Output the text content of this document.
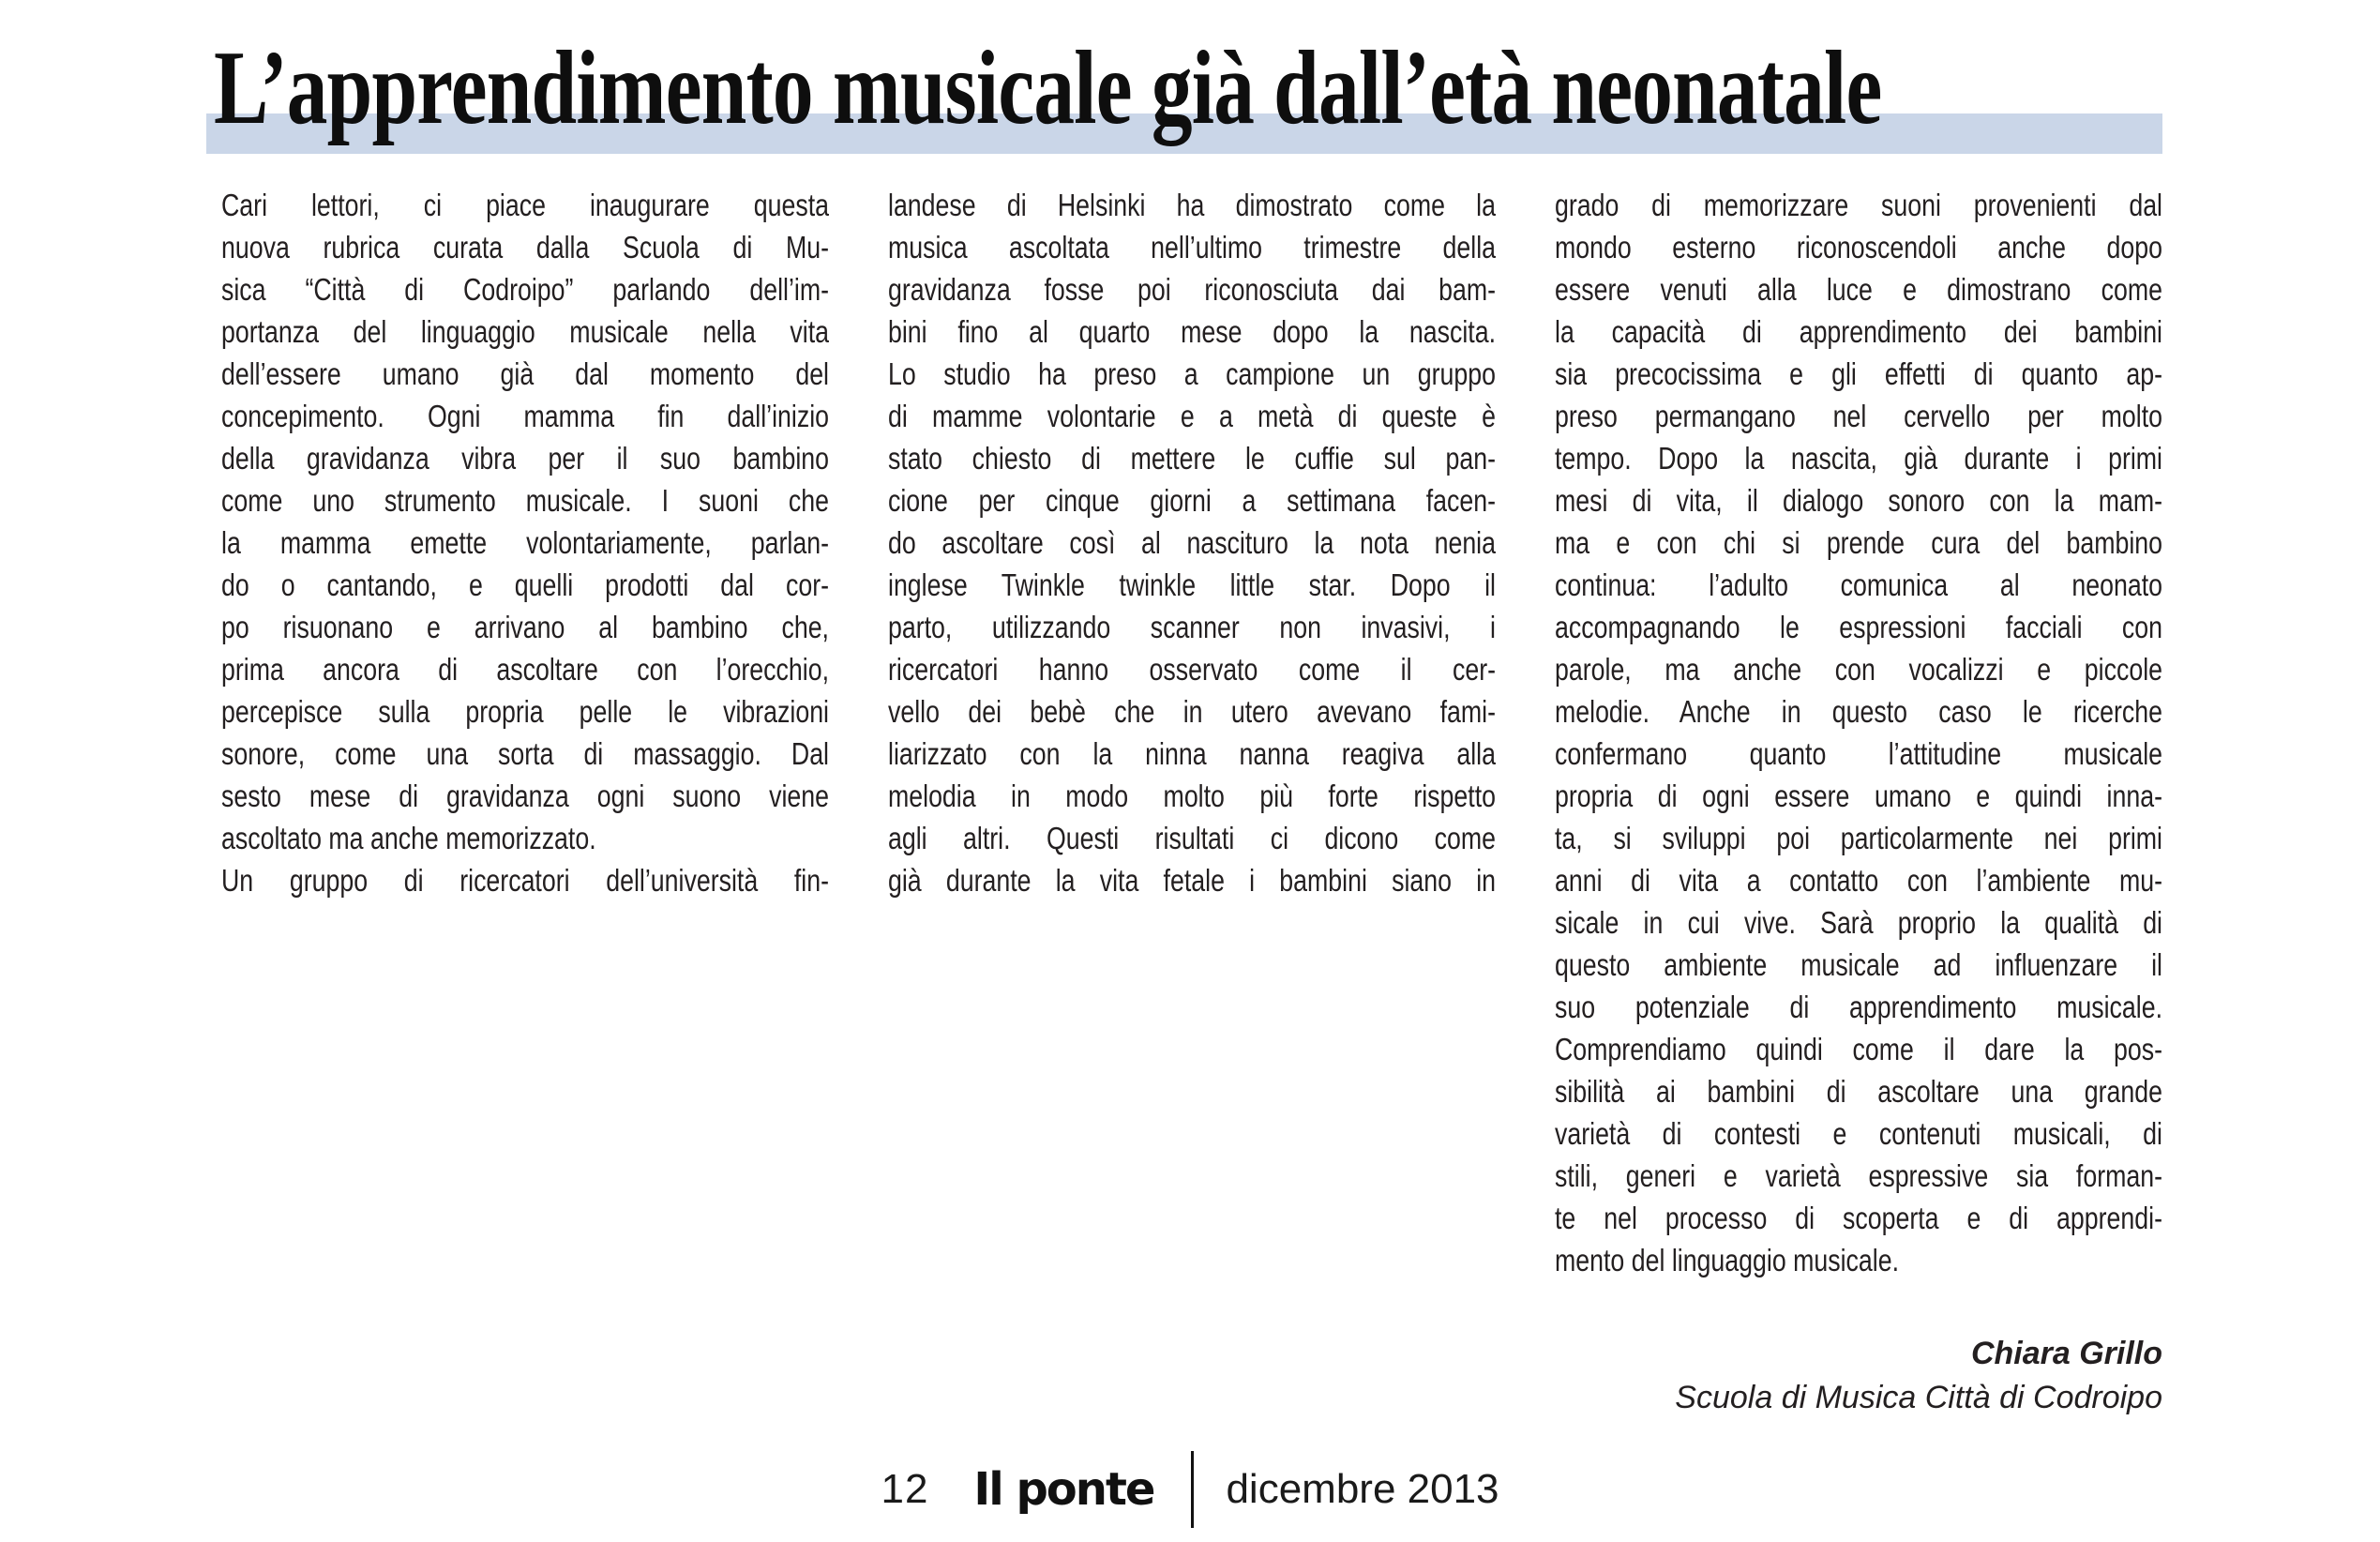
L’apprendimento musicale già dall’età neonatale
Cari lettori, ci piace inaugurare questa
nuova rubrica curata dalla Scuola di Mu-
sica “Città di Codroipo” parlando dell’im-
portanza del linguaggio musicale nella vita
dell’essere umano già dal momento del
concepimento. Ogni mamma fin dall’inizio
della gravidanza vibra per il suo bambino
come uno strumento musicale. I suoni che
la mamma emette volontariamente, parlan-
do o cantando, e quelli prodotti dal cor-
po risuonano e arrivano al bambino che,
prima ancora di ascoltare con l’orecchio,
percepisce sulla propria pelle le vibrazioni
sonore, come una sorta di massaggio. Dal
sesto mese di gravidanza ogni suono viene
ascoltato ma anche memorizzato.
Un gruppo di ricercatori dell’università fin-
landese di Helsinki ha dimostrato come la
musica ascoltata nell’ultimo trimestre della
gravidanza fosse poi riconosciuta dai bam-
bini fino al quarto mese dopo la nascita.
Lo studio ha preso a campione un gruppo
di mamme volontarie e a metà di queste è
stato chiesto di mettere le cuffie sul pan-
cione per cinque giorni a settimana facen-
do ascoltare così al nascituro la nota nenia
inglese Twinkle twinkle little star. Dopo il
parto, utilizzando scanner non invasivi, i
ricercatori hanno osservato come il cer-
vello dei bebè che in utero avevano fami-
liarizzato con la ninna nanna reagiva alla
melodia in modo molto più forte rispetto
agli altri. Questi risultati ci dicono come
già durante la vita fetale i bambini siano in
grado di memorizzare suoni provenienti dal
mondo esterno riconoscendoli anche dopo
essere venuti alla luce e dimostrano come
la capacità di apprendimento dei bambini
sia precocissima e gli effetti di quanto ap-
preso permangano nel cervello per molto
tempo. Dopo la nascita, già durante i primi
mesi di vita, il dialogo sonoro con la mam-
ma e con chi si prende cura del bambino
continua: l’adulto comunica al neonato
accompagnando le espressioni facciali con
parole, ma anche con vocalizzi e piccole
melodie. Anche in questo caso le ricerche
confermano quanto l’attitudine musicale
propria di ogni essere umano e quindi inna-
ta, si sviluppi poi particolarmente nei primi
anni di vita a contatto con l’ambiente mu-
sicale in cui vive. Sarà proprio la qualità di
questo ambiente musicale ad influenzare il
suo potenziale di apprendimento musicale.
Comprendiamo quindi come il dare la pos-
sibilità ai bambini di ascoltare una grande
varietà di contesti e contenuti musicali, di
stili, generi e varietà espressive sia forman-
te nel processo di scoperta e di apprendi-
mento del linguaggio musicale.
Chiara Grillo
Scuola di Musica Città di Codroipo
12 Il ponte dicembre 2013
